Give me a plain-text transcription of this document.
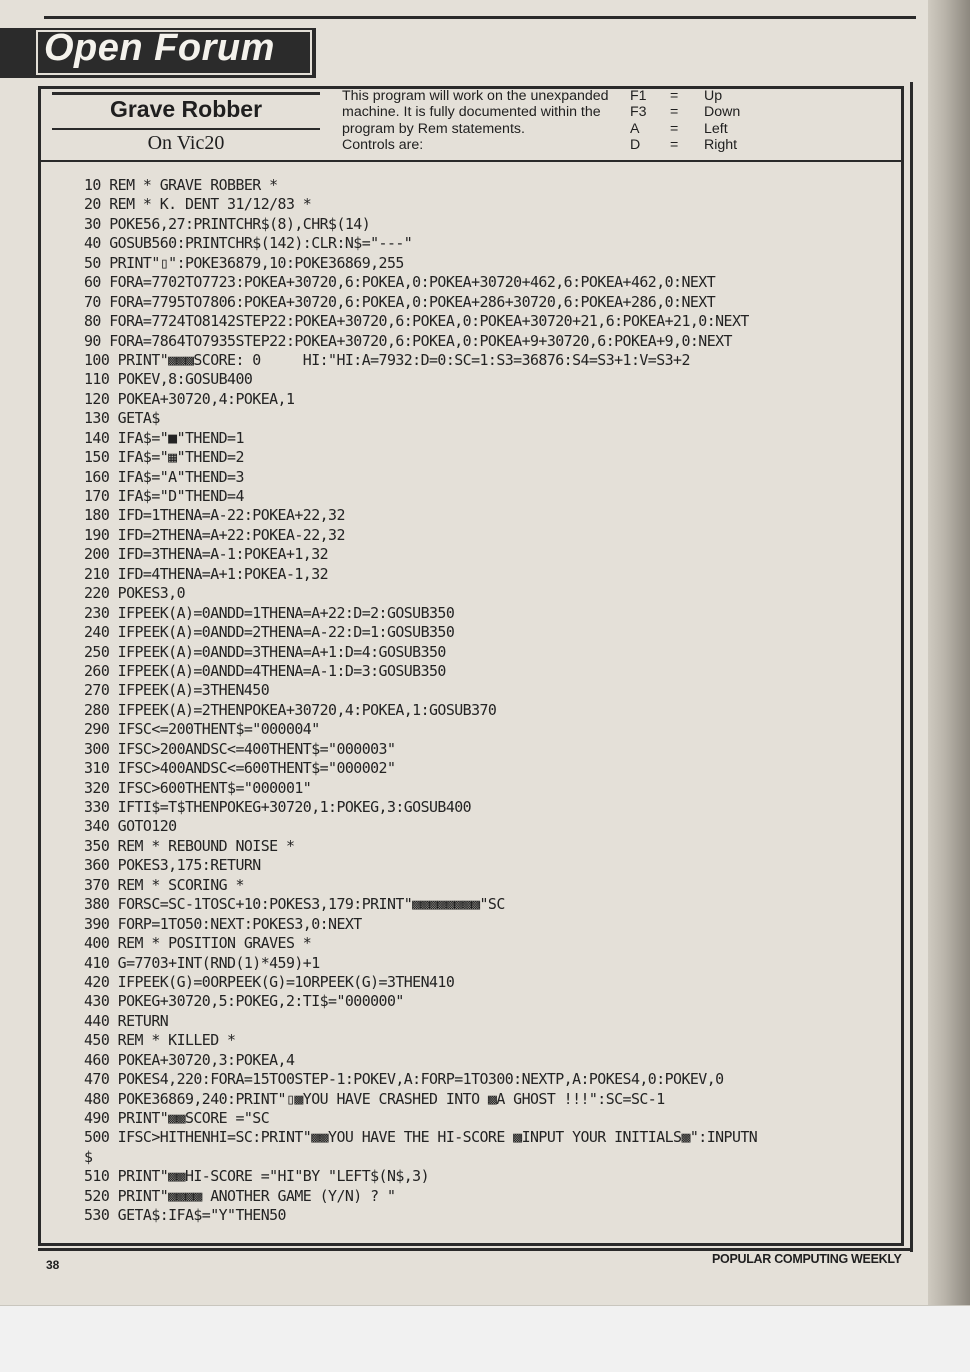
Open Forum
Grave Robber
On Vic20
This program will work on the unexpanded
machine. It is fully documented within the
program by Rem statements.
Controls are:
F1	=	Up
F3	=	Down
A	=	Left
D	=	Right
10 REM * GRAVE ROBBER *
20 REM * K. DENT 31/12/83 *
30 POKE56,27:PRINTCHR$(8),CHR$(14)
40 GOSUB560:PRINTCHR$(142):CLR:N$="---"
50 PRINT"▯":POKE36879,10:POKE36869,255
60 FORA=7702TO7723:POKEA+30720,6:POKEA,0:POKEA+30720+462,6:POKEA+462,0:NEXT
70 FORA=7795TO7806:POKEA+30720,6:POKEA,0:POKEA+286+30720,6:POKEA+286,0:NEXT
80 FORA=7724TO8142STEP22:POKEA+30720,6:POKEA,0:POKEA+30720+21,6:POKEA+21,0:NEXT
90 FORA=7864TO7935STEP22:POKEA+30720,6:POKEA,0:POKEA+9+30720,6:POKEA+9,0:NEXT
100 PRINT"▩▩▩SCORE: 0     HI:"HI:A=7932:D=0:SC=1:S3=36876:S4=S3+1:V=S3+2
110 POKEV,8:GOSUB400
120 POKEA+30720,4:POKEA,1
130 GETA$
140 IFA$="■"THEND=1
150 IFA$="▦"THEND=2
160 IFA$="A"THEND=3
170 IFA$="D"THEND=4
180 IFD=1THENA=A-22:POKEA+22,32
190 IFD=2THENA=A+22:POKEA-22,32
200 IFD=3THENA=A-1:POKEA+1,32
210 IFD=4THENA=A+1:POKEA-1,32
220 POKES3,0
230 IFPEEK(A)=0ANDD=1THENA=A+22:D=2:GOSUB350
240 IFPEEK(A)=0ANDD=2THENA=A-22:D=1:GOSUB350
250 IFPEEK(A)=0ANDD=3THENA=A+1:D=4:GOSUB350
260 IFPEEK(A)=0ANDD=4THENA=A-1:D=3:GOSUB350
270 IFPEEK(A)=3THEN450
280 IFPEEK(A)=2THENPOKEA+30720,4:POKEA,1:GOSUB370
290 IFSC<=200THENT$="000004"
300 IFSC>200ANDSC<=400THENT$="000003"
310 IFSC>400ANDSC<=600THENT$="000002"
320 IFSC>600THENT$="000001"
330 IFTI$=T$THENPOKEG+30720,1:POKEG,3:GOSUB400
340 GOTO120
350 REM * REBOUND NOISE *
360 POKES3,175:RETURN
370 REM * SCORING *
380 FORSC=SC-1TOSC+10:POKES3,179:PRINT"▩▩▩▩▩▩▩▩"SC
390 FORP=1TO50:NEXT:POKES3,0:NEXT
400 REM * POSITION GRAVES *
410 G=7703+INT(RND(1)*459)+1
420 IFPEEK(G)=0ORPEEK(G)=1ORPEEK(G)=3THEN410
430 POKEG+30720,5:POKEG,2:TI$="000000"
440 RETURN
450 REM * KILLED *
460 POKEA+30720,3:POKEA,4
470 POKES4,220:FORA=15TO0STEP-1:POKEV,A:FORP=1TO300:NEXTP,A:POKES4,0:POKEV,0
480 POKE36869,240:PRINT"▯▩YOU HAVE CRASHED INTO ▩A GHOST !!!":SC=SC-1
490 PRINT"▩▩SCORE ="SC
500 IFSC>HITHENHI=SC:PRINT"▩▩YOU HAVE THE HI-SCORE ▩INPUT YOUR INITIALS▩":INPUTN
$
510 PRINT"▩▩HI-SCORE ="HI"BY "LEFT$(N$,3)
520 PRINT"▩▩▩▩ ANOTHER GAME (Y/N) ? "
530 GETA$:IFA$="Y"THEN50
38	POPULAR COMPUTING WEEKLY
